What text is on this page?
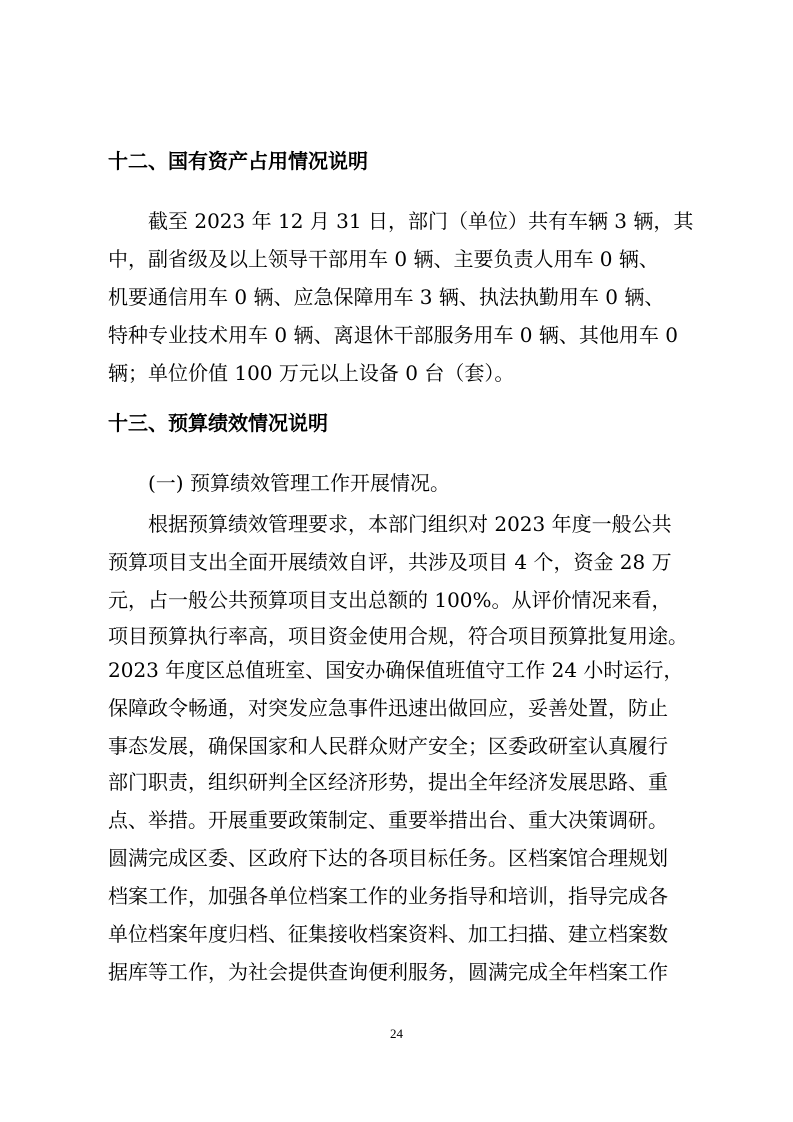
十二、国有资产占用情况说明
截至 2023 年 12 月 31 日，部门（单位）共有车辆 3 辆，其
中，副省级及以上领导干部用车 0 辆、主要负责人用车 0 辆、
机要通信用车 0 辆、应急保障用车 3 辆、执法执勤用车 0 辆、
特种专业技术用车 0 辆、离退休干部服务用车 0 辆、其他用车 0
辆；单位价值 100 万元以上设备 0 台（套）。
十三、预算绩效情况说明
(一) 预算绩效管理工作开展情况。
根据预算绩效管理要求，本部门组织对 2023 年度一般公共
预算项目支出全面开展绩效自评，共涉及项目 4 个，资金 28 万
元，占一般公共预算项目支出总额的 100%。从评价情况来看，
项目预算执行率高，项目资金使用合规，符合项目预算批复用途。
2023 年度区总值班室、国安办确保值班值守工作 24 小时运行，
保障政令畅通，对突发应急事件迅速出做回应，妥善处置，防止
事态发展，确保国家和人民群众财产安全；区委政研室认真履行
部门职责，组织研判全区经济形势，提出全年经济发展思路、重
点、举措。开展重要政策制定、重要举措出台、重大决策调研。
圆满完成区委、区政府下达的各项目标任务。区档案馆合理规划
档案工作，加强各单位档案工作的业务指导和培训，指导完成各
单位档案年度归档、征集接收档案资料、加工扫描、建立档案数
据库等工作，为社会提供查询便利服务，圆满完成全年档案工作
24
